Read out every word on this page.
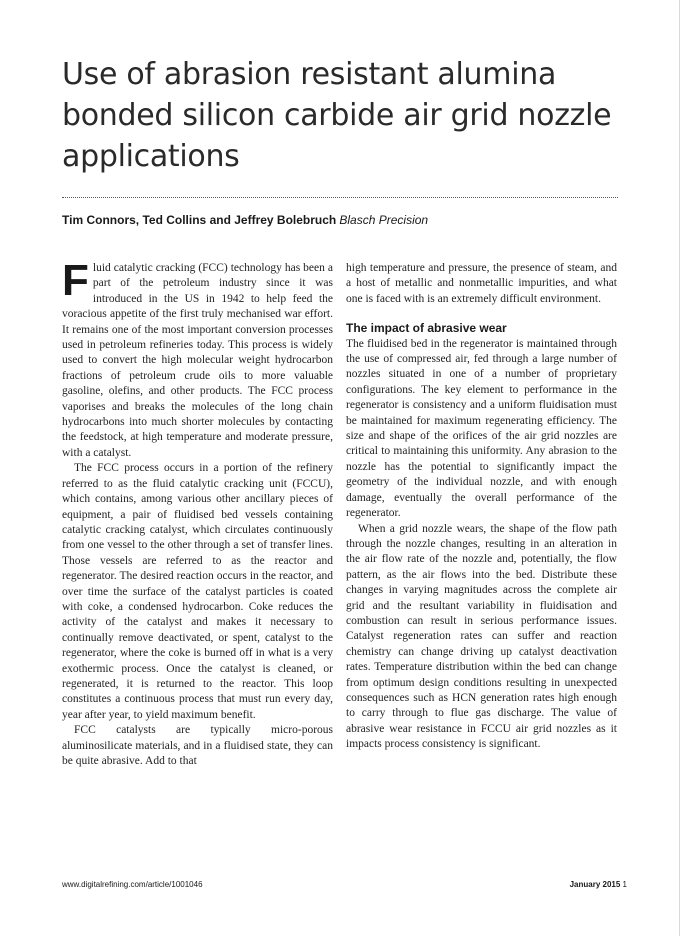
Use of abrasion resistant alumina bonded silicon carbide air grid nozzle applications
Tim Connors, Ted Collins and Jeffrey Bolebruch Blasch Precision

Fluid catalytic cracking (FCC) technology has been a part of the petroleum industry since it was introduced in the US in 1942 to help feed the voracious appetite of the first truly mechanised war effort. It remains one of the most important conversion processes used in petroleum refineries today. This process is widely used to convert the high molecular weight hydrocarbon fractions of petroleum crude oils to more valuable gasoline, olefins, and other products. The FCC process vaporises and breaks the molecules of the long chain hydrocarbons into much shorter molecules by contacting the feedstock, at high temperature and moderate pressure, with a catalyst.

The FCC process occurs in a portion of the refinery referred to as the fluid catalytic cracking unit (FCCU), which contains, among various other ancillary pieces of equipment, a pair of fluidised bed vessels containing catalytic cracking catalyst, which circulates continuously from one vessel to the other through a set of transfer lines. Those vessels are referred to as the reactor and regenerator. The desired reaction occurs in the reactor, and over time the surface of the catalyst particles is coated with coke, a condensed hydrocarbon. Coke reduces the activity of the catalyst and makes it necessary to continually remove deactivated, or spent, catalyst to the regenerator, where the coke is burned off in what is a very exothermic process. Once the catalyst is cleaned, or regenerated, it is returned to the reactor. This loop constitutes a continuous process that must run every day, year after year, to yield maximum benefit.

FCC catalysts are typically micro-porous aluminosilicate materials, and in a fluidised state, they can be quite abrasive. Add to that

high temperature and pressure, the presence of steam, and a host of metallic and nonmetallic impurities, and what one is faced with is an extremely difficult environment.

The impact of abrasive wear

The fluidised bed in the regenerator is maintained through the use of compressed air, fed through a large number of nozzles situated in one of a number of proprietary configurations. The key element to performance in the regenerator is consistency and a uniform fluidisation must be maintained for maximum regenerating efficiency. The size and shape of the orifices of the air grid nozzles are critical to maintaining this uniformity. Any abrasion to the nozzle has the potential to significantly impact the geometry of the individual nozzle, and with enough damage, eventually the overall performance of the regenerator.

When a grid nozzle wears, the shape of the flow path through the nozzle changes, resulting in an alteration in the air flow rate of the nozzle and, potentially, the flow pattern, as the air flows into the bed. Distribute these changes in varying magnitudes across the complete air grid and the resultant variability in fluidisation and combustion can result in serious performance issues. Catalyst regeneration rates can suffer and reaction chemistry can change driving up catalyst deactivation rates. Temperature distribution within the bed can change from optimum design conditions resulting in unexpected consequences such as HCN generation rates high enough to carry through to flue gas discharge. The value of abrasive wear resistance in FCCU air grid nozzles as it impacts process consistency is significant.

www.digitalrefining.com/article/1001046	January 2015 1
